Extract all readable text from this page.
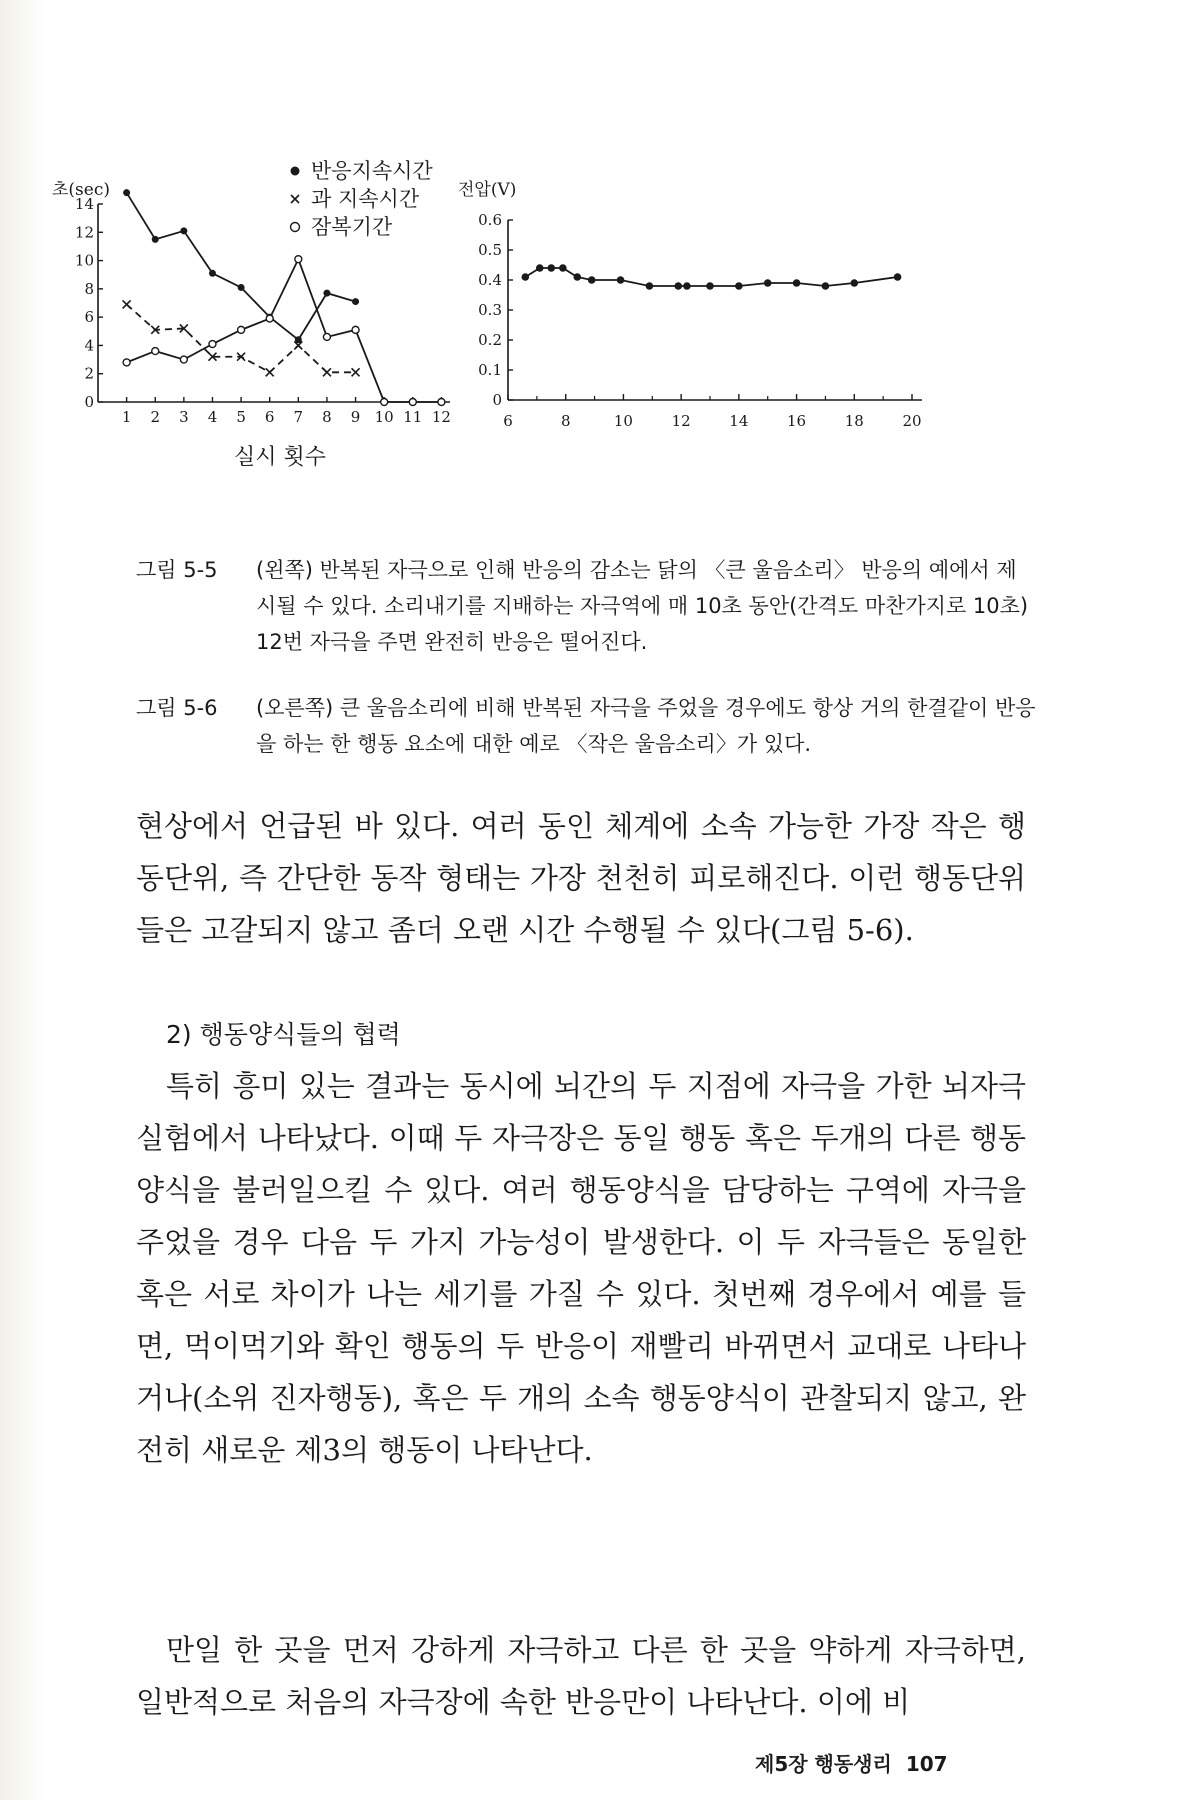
초(sec)
0
2
4
6
8
10
12
14
1 2 3 4 5 6 7 8 9 10 11 12
반응지속시간
과 지속시간
잠복기간
실시 횟수
전압(V)
0
0.1
0.2
0.3
0.4
0.5
0.6
6	8	10	12	14	16	18	20
그림 5-5	(왼쪽) 반복된 자극으로 인해 반응의 감소는 닭의 〈큰 울음소리〉 반응의 예에서 제시될 수 있다. 소리내기를 지배하는 자극역에 매 10초 동안(간격도 마찬가지로 10초) 12번 자극을 주면 완전히 반응은 떨어진다.
그림 5-6	(오른쪽) 큰 울음소리에 비해 반복된 자극을 주었을 경우에도 항상 거의 한결같이 반응을 하는 한 행동 요소에 대한 예로 〈작은 울음소리〉가 있다.

현상에서 언급된 바 있다. 여러 동인 체계에 소속 가능한 가장 작은 행동단위, 즉 간단한 동작 형태는 가장 천천히 피로해진다. 이런 행동단위들은 고갈되지 않고 좀더 오랜 시간 수행될 수 있다(그림 5-6).

2) 행동양식들의 협력

특히 흥미 있는 결과는 동시에 뇌간의 두 지점에 자극을 가한 뇌자극실험에서 나타났다. 이때 두 자극장은 동일 행동 혹은 두개의 다른 행동양식을 불러일으킬 수 있다. 여러 행동양식을 담당하는 구역에 자극을 주었을 경우 다음 두 가지 가능성이 발생한다. 이 두 자극들은 동일한 혹은 서로 차이가 나는 세기를 가질 수 있다. 첫번째 경우에서 예를 들면, 먹이먹기와 확인 행동의 두 반응이 재빨리 바뀌면서 교대로 나타나거나(소위 진자행동), 혹은 두 개의 소속 행동양식이 관찰되지 않고, 완전히 새로운 제3의 행동이 나타난다.

만일 한 곳을 먼저 강하게 자극하고 다른 한 곳을 약하게 자극하면, 일반적으로 처음의 자극장에 속한 반응만이 나타난다. 이에 비

제5장 행동생리 107
